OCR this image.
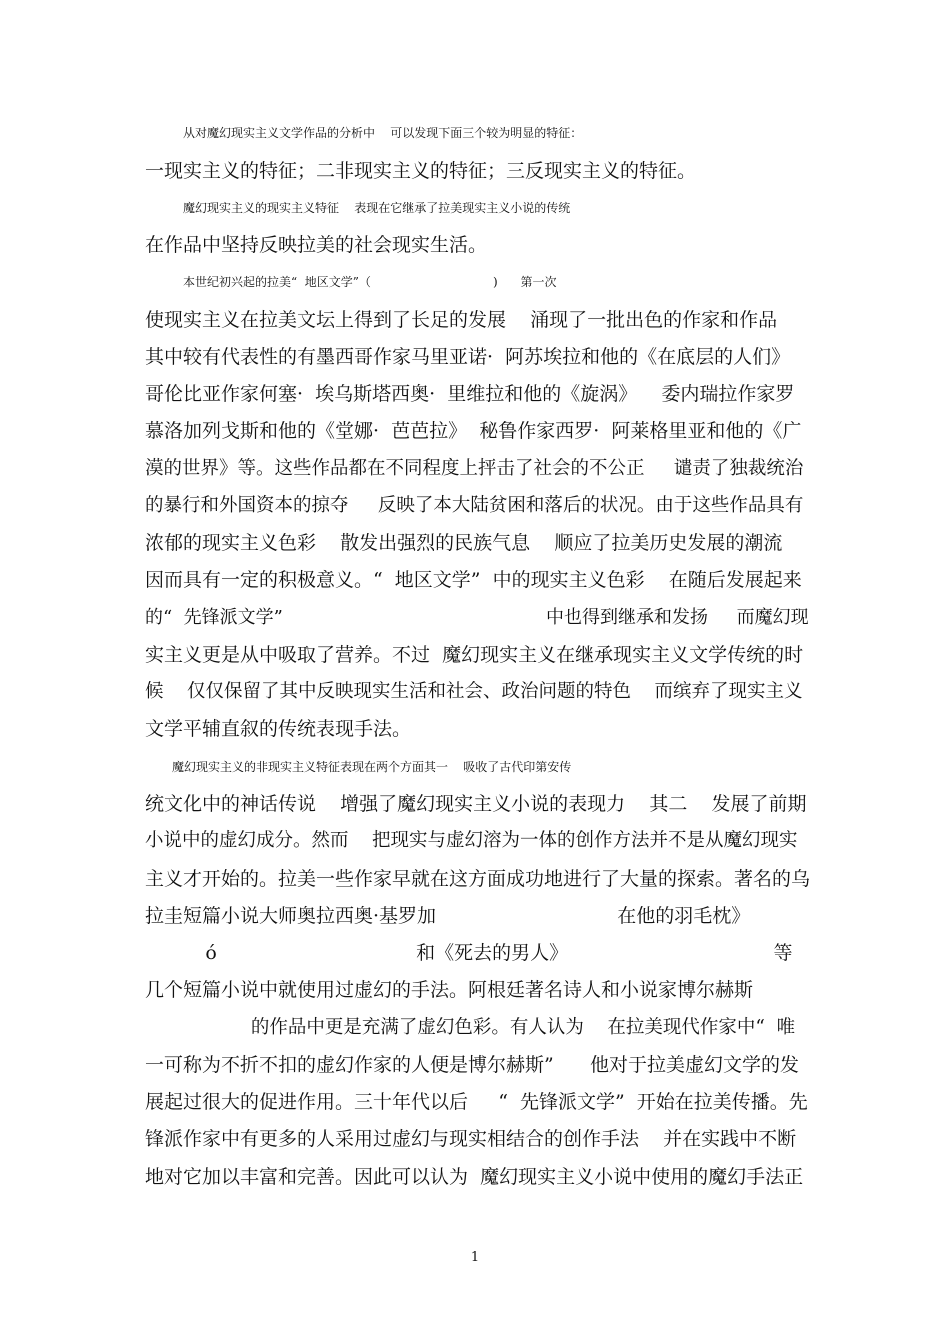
从对魔幻现实主义文学作品的分析中    可以发现下面三个较为明显的特征：
一现实主义的特征；二非现实主义的特征；三反现实主义的特征。
魔幻现实主义的现实主义特征    表现在它继承了拉美现实主义小说的传统
在作品中坚持反映拉美的社会现实生活。
本世纪初兴起的拉美“  地区文学”（                                )      第一次
使现实主义在拉美文坛上得到了长足的发展    涌现了一批出色的作家和作品
其中较有代表性的有墨西哥作家马里亚诺·  阿苏埃拉和他的《在底层的人们》
哥伦比亚作家何塞·  埃乌斯塔西奥·  里维拉和他的《旋涡》    委内瑞拉作家罗
慕洛加列戈斯和他的《堂娜·  芭芭拉》  秘鲁作家西罗·  阿莱格里亚和他的《广
漠的世界》等。这些作品都在不同程度上抨击了社会的不公正     谴责了独裁统治
的暴行和外国资本的掠夺     反映了本大陆贫困和落后的状况。由于这些作品具有
浓郁的现实主义色彩    散发出强烈的民族气息    顺应了拉美历史发展的潮流
因而具有一定的积极意义。“  地区文学”  中的现实主义色彩    在随后发展起来
的“  先锋派文学”                                              中也得到继承和发扬     而魔幻现
实主义更是从中吸取了营养。不过  魔幻现实主义在继承现实主义文学传统的时
候    仅仅保留了其中反映现实生活和社会、政治问题的特色    而缤弃了现实主义
文学平辅直叙的传统表现手法。
魔幻现实主义的非现实主义特征表现在两个方面其一    吸收了古代印第安传
统文化中的神话传说    增强了魔幻现实主义小说的表现力    其二    发展了前期
小说中的虚幻成分。然而    把现实与虚幻溶为一体的创作方法并不是从魔幻现实
主义才开始的。拉美一些作家早就在这方面成功地进行了大量的探索。著名的乌
拉圭短篇小说大师奥拉西奥·基罗加                              在他的羽毛枕》
ó                                 和《死去的男人》                                  等
几个短篇小说中就使用过虚幻的手法。阿根廷著名诗人和小说家博尔赫斯
的作品中更是充满了虚幻色彩。有人认为    在拉美现代作家中“  唯
一可称为不折不扣的虚幻作家的人便是博尔赫斯”      他对于拉美虚幻文学的发
展起过很大的促进作用。三十年代以后     “  先锋派文学”  开始在拉美传播。先
锋派作家中有更多的人采用过虚幻与现实相结合的创作手法    并在实践中不断
地对它加以丰富和完善。因此可以认为  魔幻现实主义小说中使用的魔幻手法正
1
